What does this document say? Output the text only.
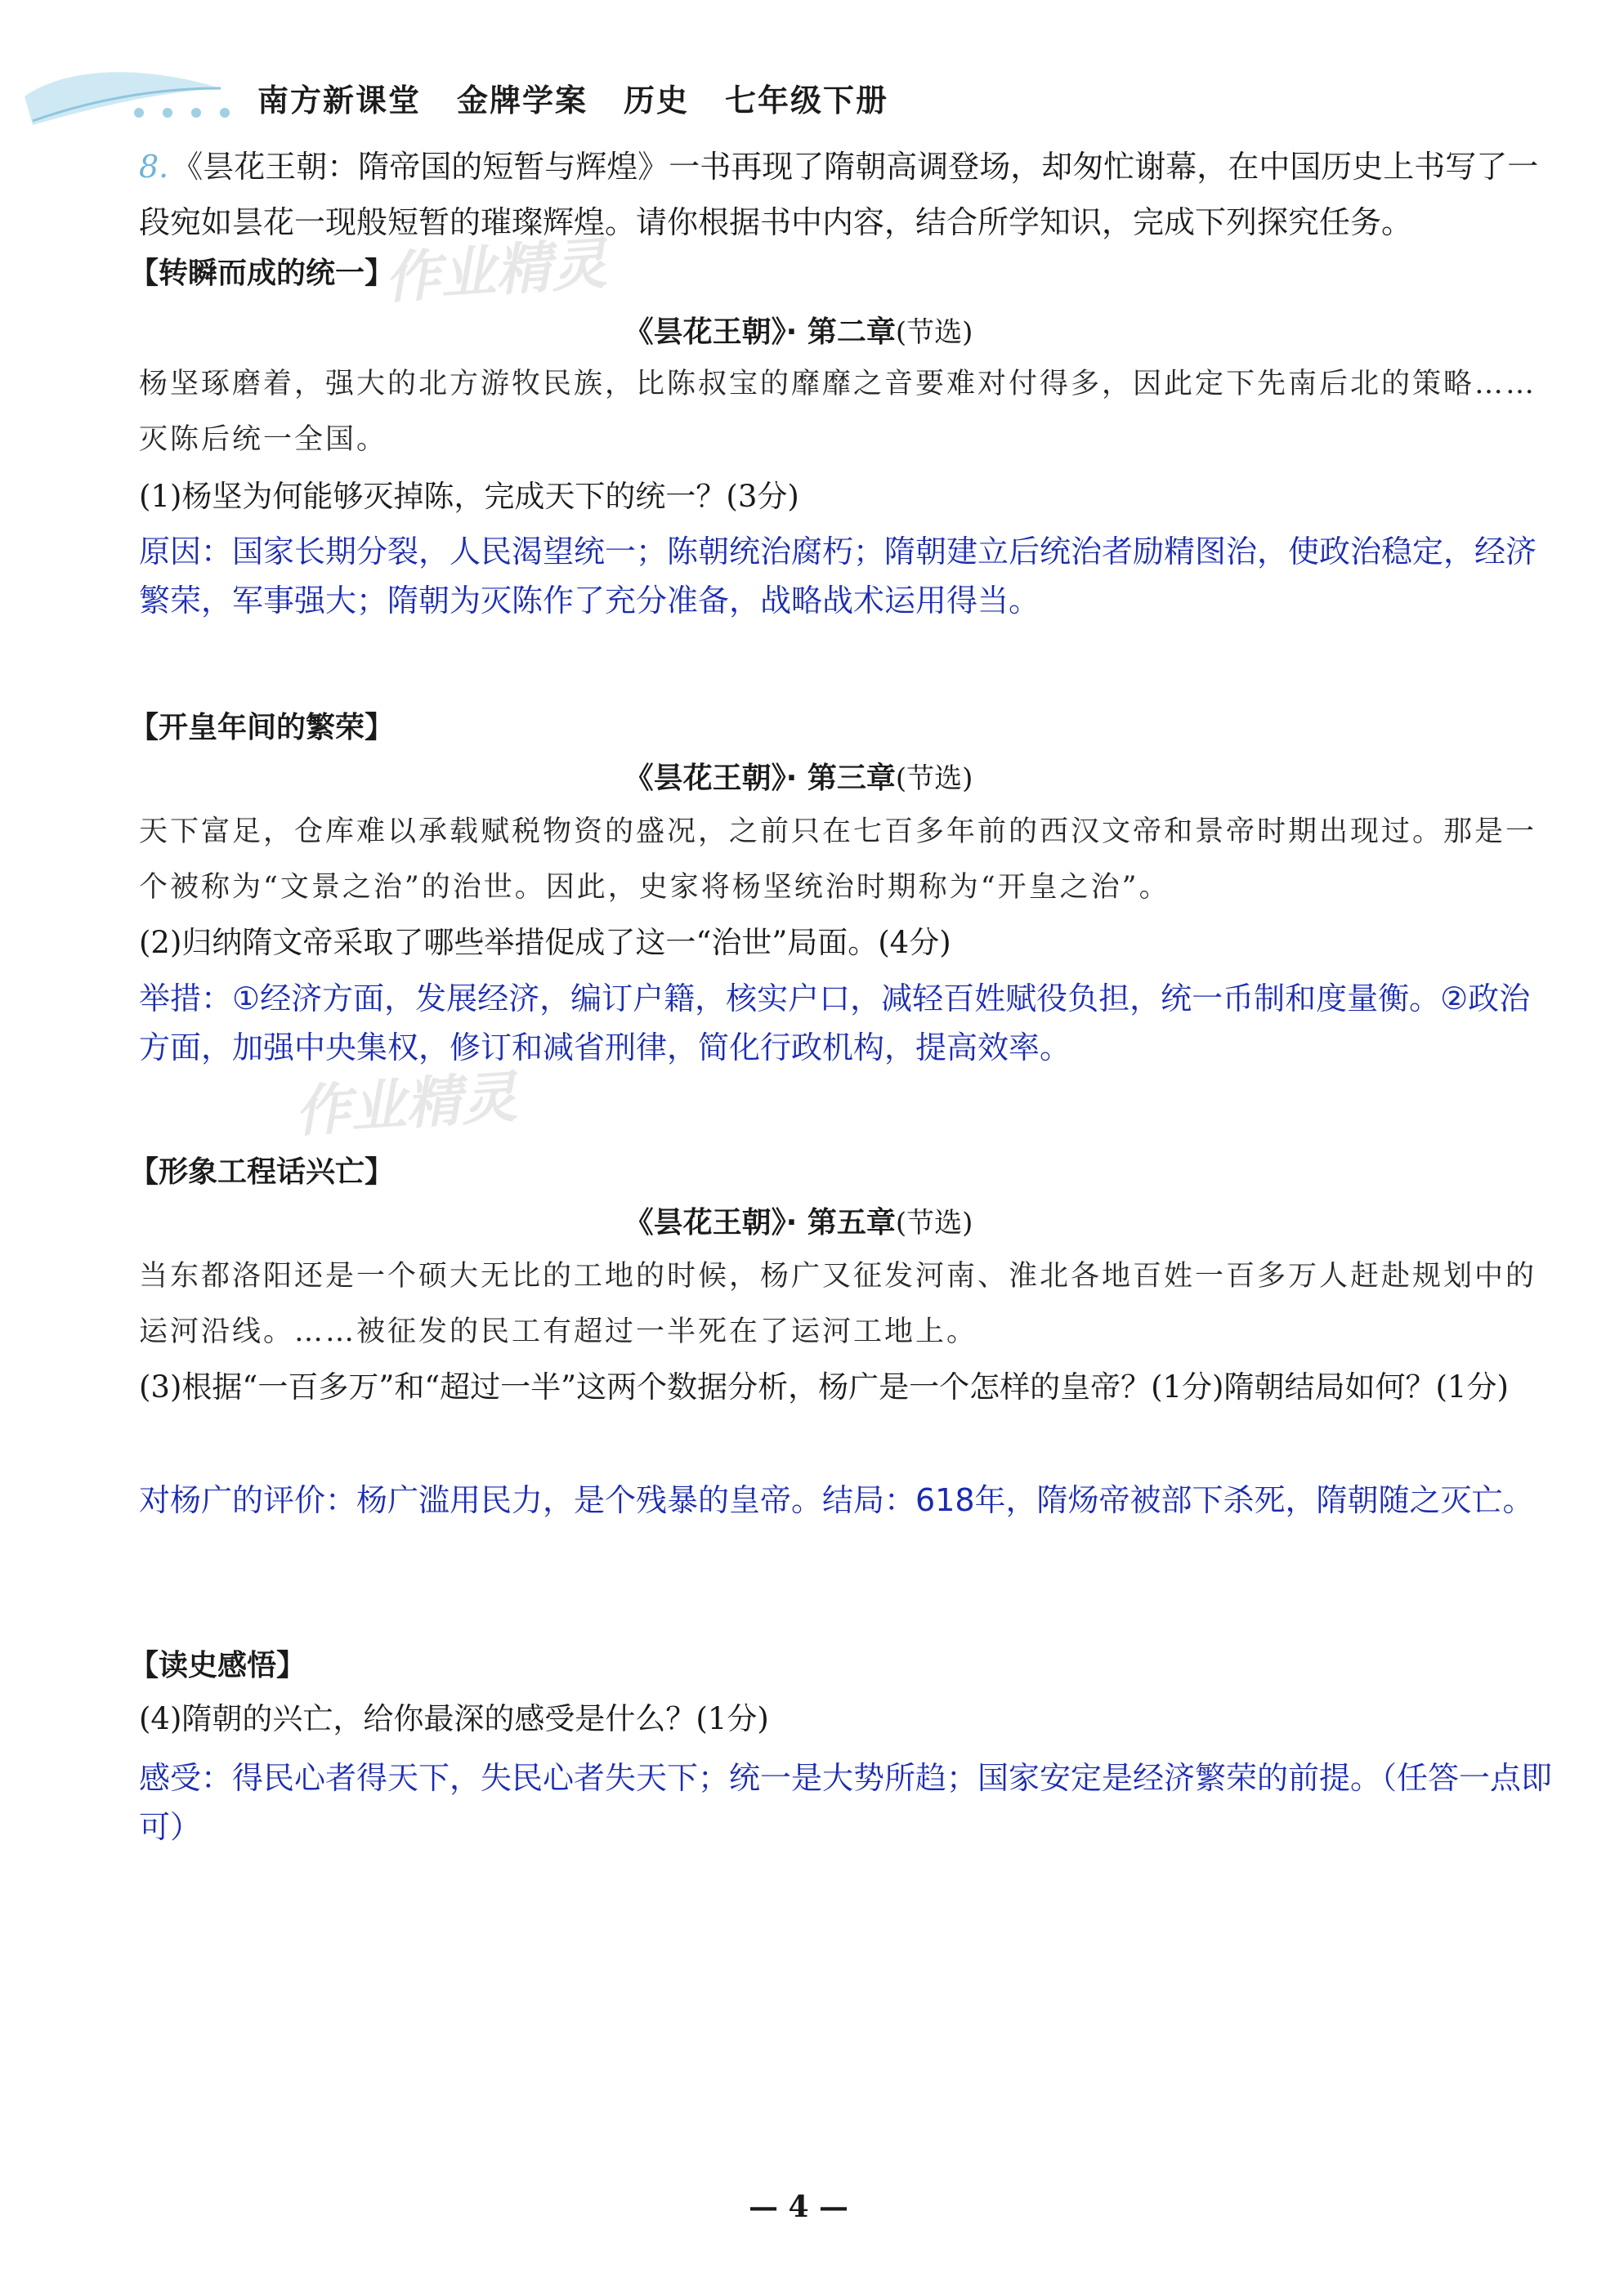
南方新课堂 金牌学案 历史 七年级下册
8. 《昙花王朝：隋帝国的短暂与辉煌》一书再现了隋朝高调登场，却匆忙谢幕，在中国历史上书写了一段宛如昙花一现般短暂的璀璨辉煌。请你根据书中内容，结合所学知识，完成下列探究任务。
【转瞬而成的统一】
《昙花王朝》· 第二章(节选)
杨坚琢磨着，强大的北方游牧民族，比陈叔宝的靡靡之音要难对付得多，因此定下先南后北的策略……灭陈后统一全国。
(1)杨坚为何能够灭掉陈，完成天下的统一？(3分)
原因：国家长期分裂，人民渴望统一；陈朝统治腐朽；隋朝建立后统治者励精图治，使政治稳定，经济繁荣，军事强大；隋朝为灭陈作了充分准备，战略战术运用得当。
作业精灵
【开皇年间的繁荣】
《昙花王朝》· 第三章(节选)
天下富足，仓库难以承载赋税物资的盛况，之前只在七百多年前的西汉文帝和景帝时期出现过。那是一个被称为“文景之治”的治世。因此，史家将杨坚统治时期称为“开皇之治”。
(2)归纳隋文帝采取了哪些举措促成了这一“治世”局面。(4分)
举措：①经济方面，发展经济，编订户籍，核实户口，减轻百姓赋役负担，统一币制和度量衡。②政治方面，加强中央集权，修订和减省刑律，简化行政机构，提高效率。
作业精灵
【形象工程话兴亡】
《昙花王朝》· 第五章(节选)
当东都洛阳还是一个硕大无比的工地的时候，杨广又征发河南、淮北各地百姓一百多万人赶赴规划中的运河沿线。……被征发的民工有超过一半死在了运河工地上。
(3)根据“一百多万”和“超过一半”这两个数据分析，杨广是一个怎样的皇帝？(1分)隋朝结局如何？(1分)
对杨广的评价：杨广滥用民力，是个残暴的皇帝。结局：618年，隋炀帝被部下杀死，隋朝随之灭亡。
【读史感悟】
(4)隋朝的兴亡，给你最深的感受是什么？(1分)
感受：得民心者得天下，失民心者失天下；统一是大势所趋；国家安定是经济繁荣的前提。（任答一点即可）
— 4 —
